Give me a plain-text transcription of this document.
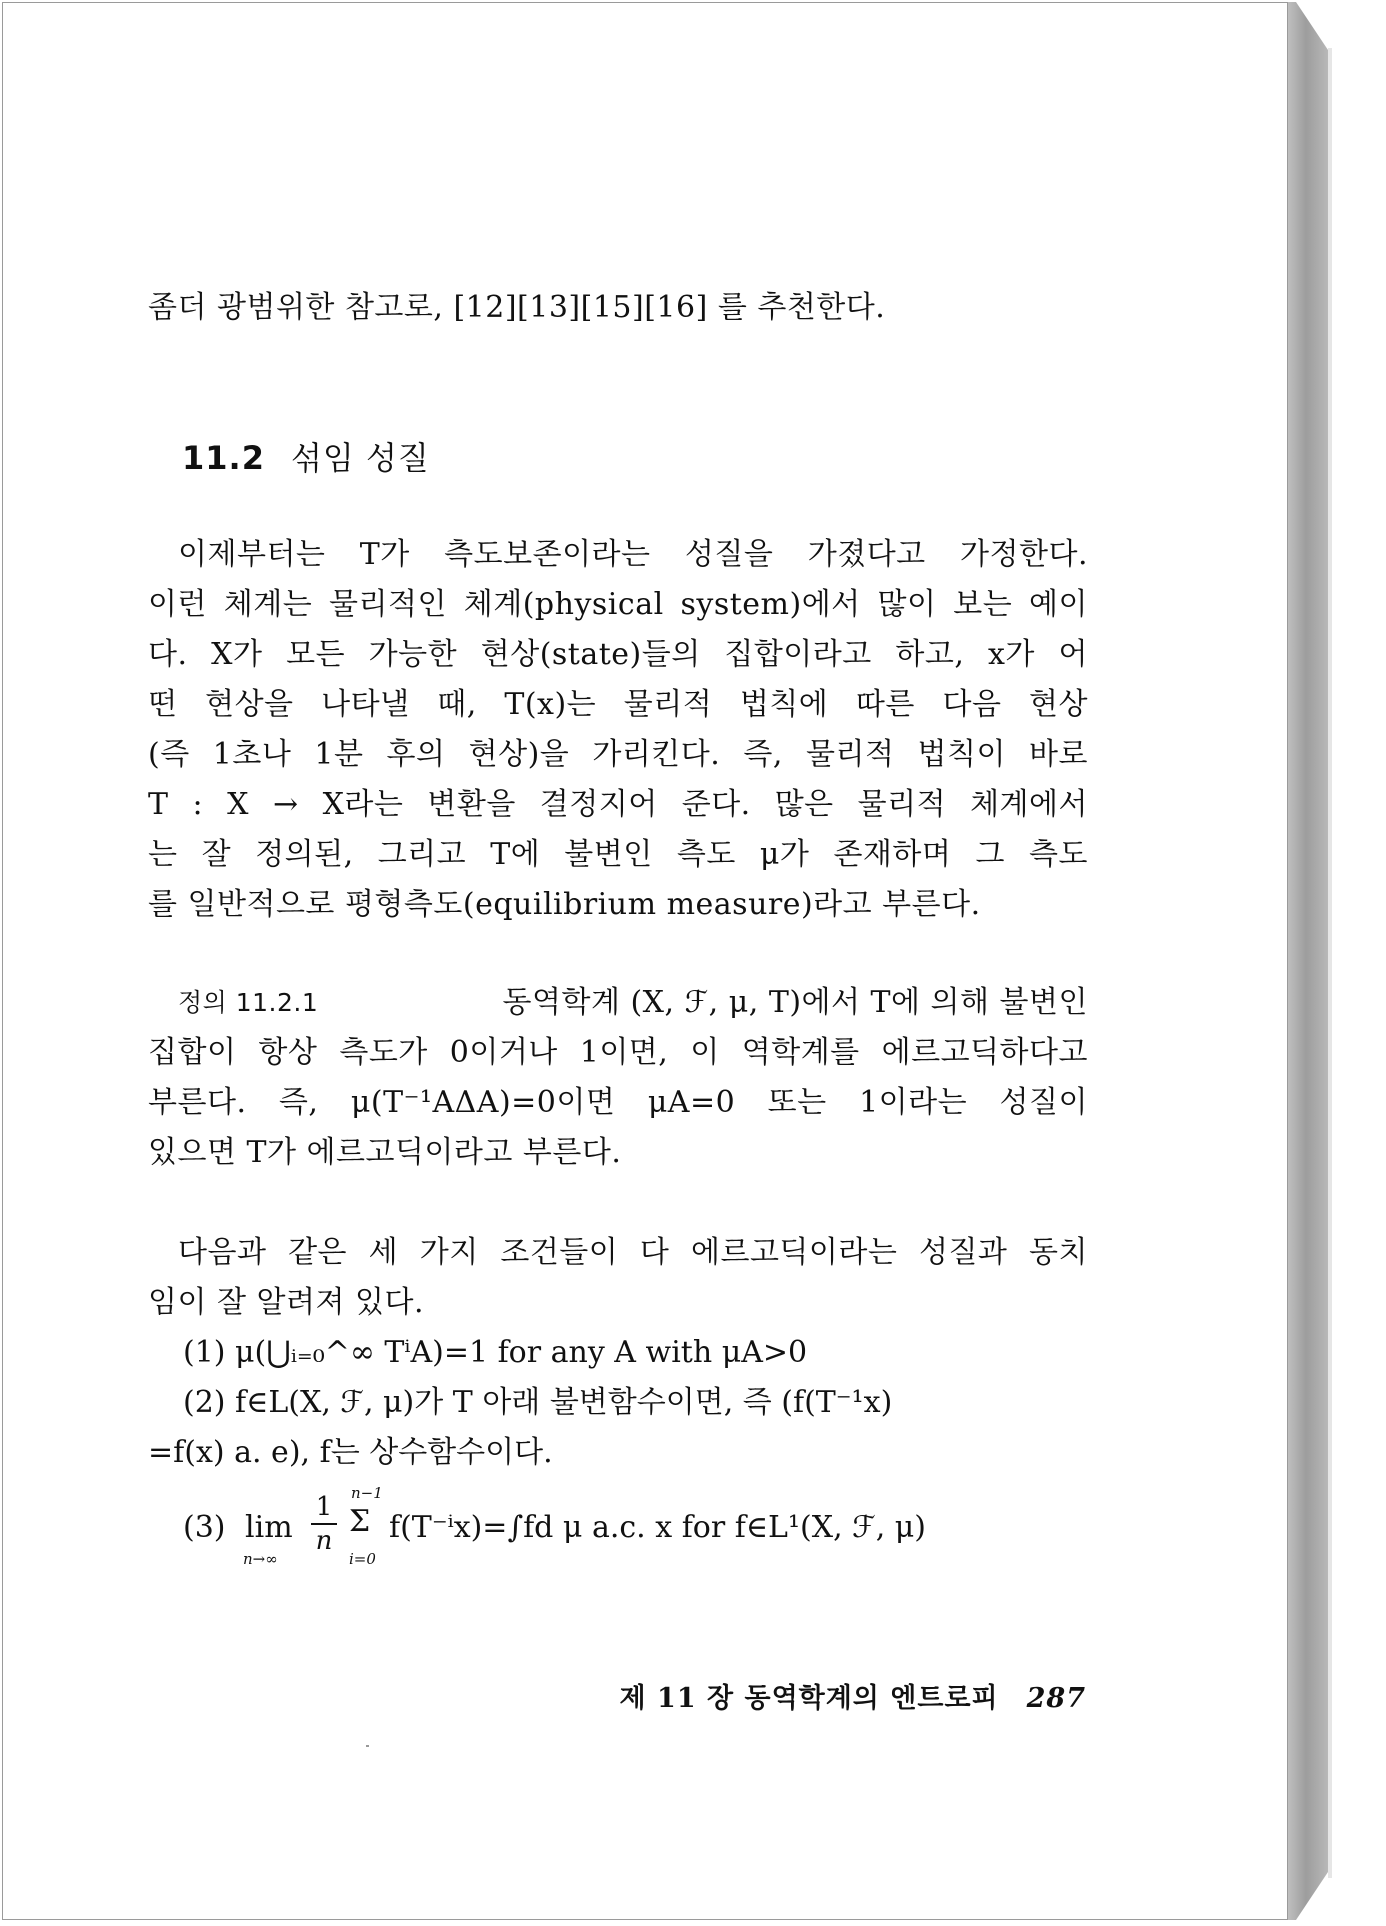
좀더 광범위한 참고로, [12][13][15][16] 를 추천한다.
11.2 섞임 성질
이제부터는 T가 측도보존이라는 성질을 가졌다고 가정한다.
이런 체계는 물리적인 체계(physical system)에서 많이 보는 예이
다. X가 모든 가능한 현상(state)들의 집합이라고 하고, x가 어
떤 현상을 나타낼 때, T(x)는 물리적 법칙에 따른 다음 현상
(즉 1초나 1분 후의 현상)을 가리킨다. 즉, 물리적 법칙이 바로
T : X → X라는 변환을 결정지어 준다. 많은 물리적 체계에서
는 잘 정의된, 그리고 T에 불변인 측도 μ가 존재하며 그 측도
를 일반적으로 평형측도(equilibrium measure)라고 부른다.
정의 11.2.1	동역학계 (X, ℱ, μ, T)에서 T에 의해 불변인
집합이 항상 측도가 0이거나 1이면, 이 역학계를 에르고딕하다고
부른다. 즉, μ(T⁻¹AΔA)=0이면 μA=0 또는 1이라는 성질이
있으면 T가 에르고딕이라고 부른다.
다음과 같은 세 가지 조건들이 다 에르고딕이라는 성질과 동치
임이 잘 알려져 있다.
(1) μ(⋃ᵢ₌₀^∞ TⁱA)=1 for any A with μA>0
(2) f∈L(X, ℱ, μ)가 T 아래 불변함수이면, 즉 (f(T⁻¹x)
=f(x) a. e), f는 상수함수이다.
(3) lim
n→∞
1
n
n−1
Σ
i=0
f(T⁻ⁱx)=∫fd μ a.c. x for f∈L¹(X, ℱ, μ)
제 11 장 동역학계의 엔트로피 287
